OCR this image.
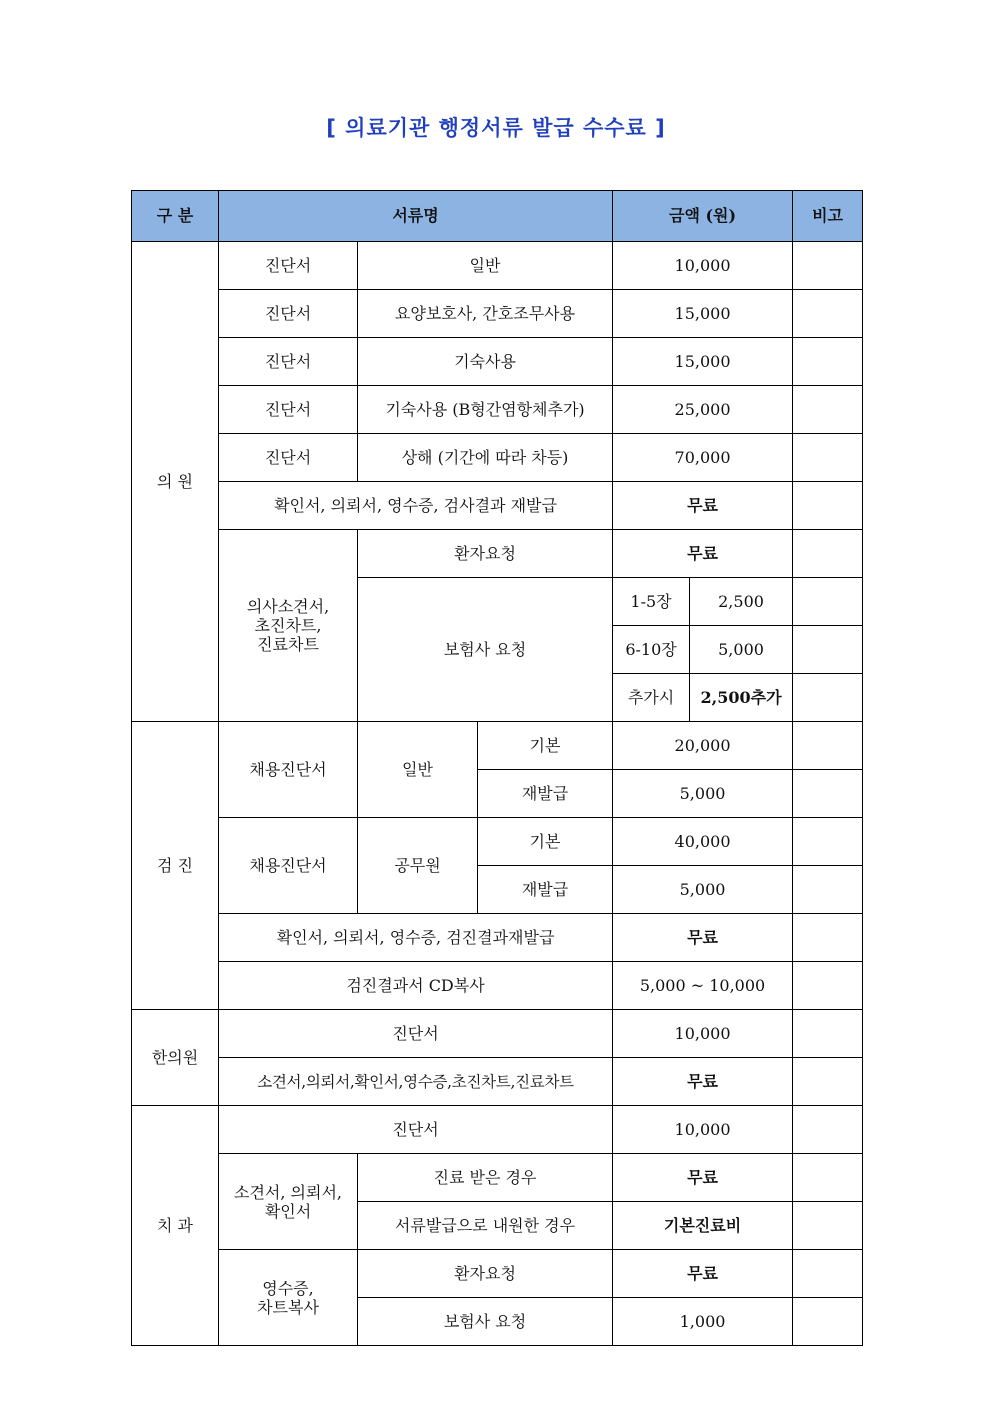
[ 의료기관 행정서류 발급 수수료 ]
구 분	서류명			금액 (원)		비고
의 원	진단서	일반		10,000		
	진단서	요양보호사, 간호조무사용		15,000		
	진단서	기숙사용		15,000		
	진단서	기숙사용 (B형간염항체추가)		25,000		
	진단서	상해 (기간에 따라 차등)		70,000		
	확인서, 의뢰서, 영수증, 검사결과 재발급			무료		
	의사소견서,
초진차트,
진료차트	환자요청		무료		
		보험사 요청		1-5장	2,500	
				6-10장	5,000	
				추가시	2,500추가	
검 진	채용진단서	일반	기본	20,000		
			재발급	5,000		
	채용진단서	공무원	기본	40,000		
			재발급	5,000		
	확인서, 의뢰서, 영수증, 검진결과재발급			무료		
	검진결과서 CD복사			5,000 ~ 10,000		
한의원	진단서			10,000		
	소견서,의뢰서,확인서,영수증,초진차트,진료차트			무료		
치 과	진단서			10,000		
	소견서, 의뢰서,
확인서	진료 받은 경우		무료		
		서류발급으로 내원한 경우		기본진료비		
	영수증,
차트복사	환자요청		무료		
		보험사 요청		1,000		
